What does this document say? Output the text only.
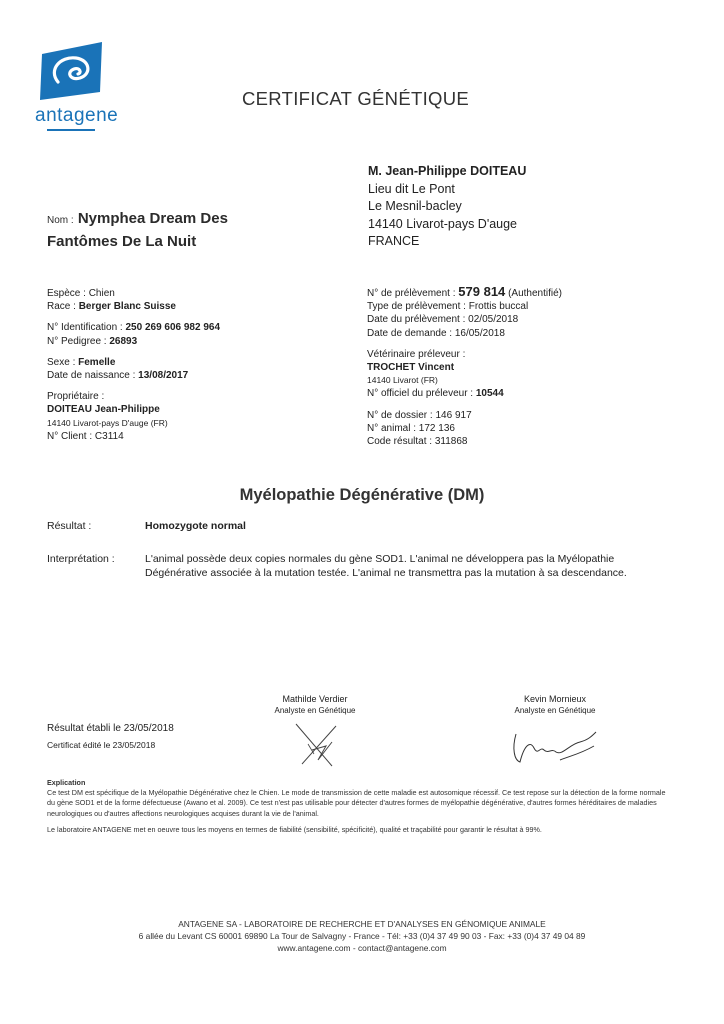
antagene
CERTIFICAT GÉNÉTIQUE
M. Jean-Philippe DOITEAU
Lieu dit Le Pont
Le Mesnil-bacley
14140 Livarot-pays D'auge
FRANCE
Nom : Nymphea Dream Des
Fantômes De La Nuit
Espèce : Chien
Race : Berger Blanc Suisse
N° Identification : 250 269 606 982 964
N° Pedigree : 26893
Sexe : Femelle
Date de naissance : 13/08/2017
Propriétaire :
DOITEAU Jean-Philippe
14140 Livarot-pays D'auge (FR)
N° Client : C3114
N° de prélèvement : 579 814 (Authentifié)
Type de prélèvement : Frottis buccal
Date du prélèvement : 02/05/2018
Date de demande : 16/05/2018
Vétérinaire préleveur :
TROCHET Vincent
14140 Livarot (FR)
N° officiel du préleveur : 10544
N° de dossier : 146 917
N° animal : 172 136
Code résultat : 311868
Myélopathie Dégénérative (DM)
Résultat :	Homozygote normal
Interprétation :	L'animal possède deux copies normales du gène SOD1. L'animal ne développera pas la Myélopathie Dégénérative associée à la mutation testée. L'animal ne transmettra pas la mutation à sa descendance.
Mathilde Verdier
Analyste en Génétique
Kevin Mornieux
Analyste en Génétique
Résultat établi le 23/05/2018
Certificat édité le 23/05/2018
Explication
Ce test DM est spécifique de la Myélopathie Dégénérative chez le Chien. Le mode de transmission de cette maladie est autosomique récessif. Ce test repose sur la détection de la forme normale du gène SOD1 et de la forme défectueuse (Awano et al. 2009). Ce test n'est pas utilisable pour détecter d'autres formes de myélopathie dégénérative, d'autres formes héréditaires de maladies neurologiques ou d'autres affections neurologiques acquises durant la vie de l'animal.
Le laboratoire ANTAGENE met en oeuvre tous les moyens en termes de fiabilité (sensibilité, spécificité), qualité et traçabilité pour garantir le résultat à 99%.
ANTAGENE SA - LABORATOIRE DE RECHERCHE ET D'ANALYSES EN GÉNOMIQUE ANIMALE
6 allée du Levant CS 60001 69890 La Tour de Salvagny - France - Tél: +33 (0)4 37 49 90 03 - Fax: +33 (0)4 37 49 04 89
www.antagene.com - contact@antagene.com
